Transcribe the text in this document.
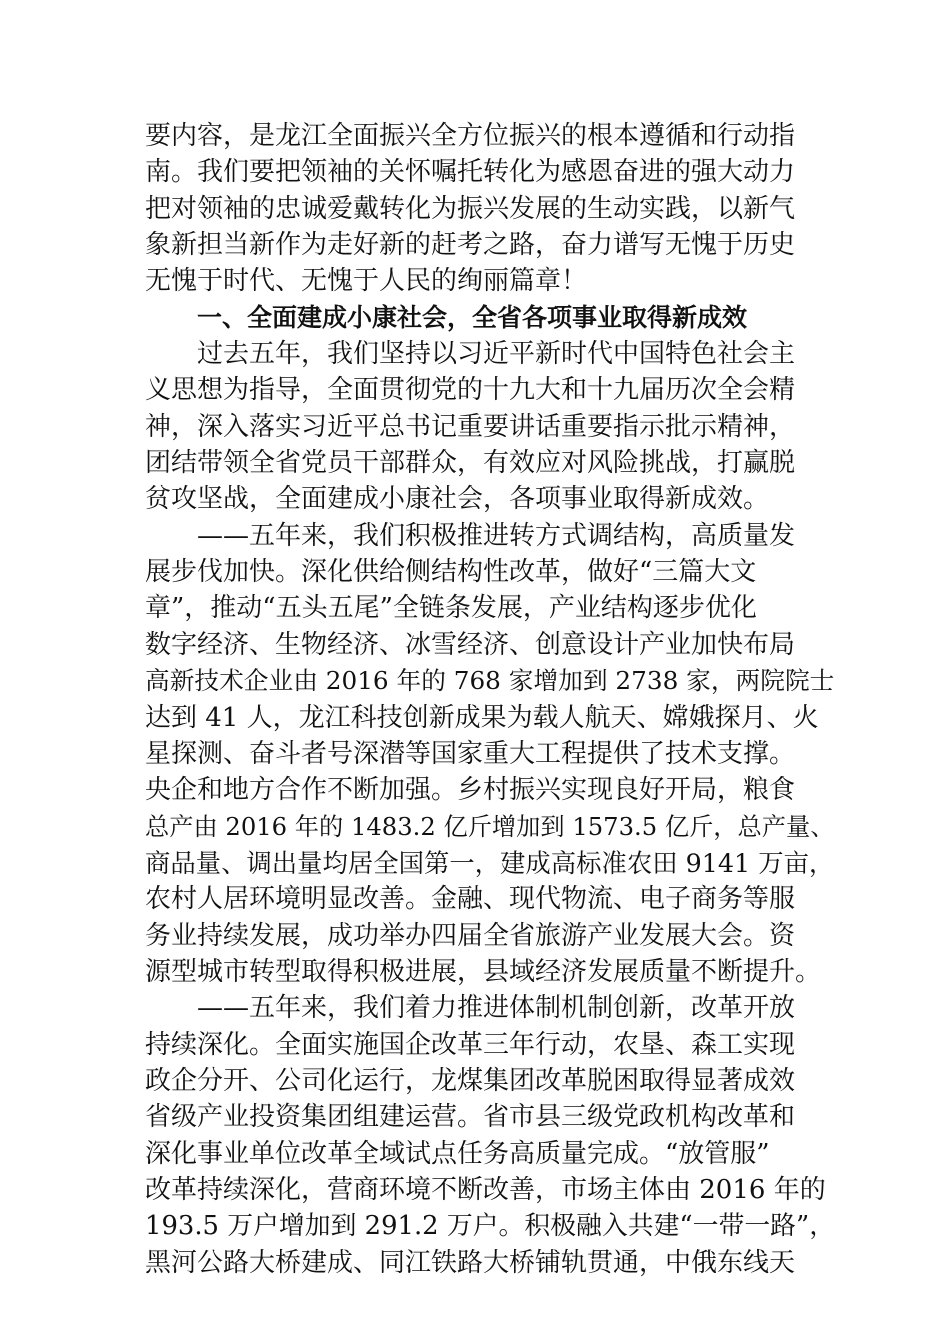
要内容，是龙江全面振兴全方位振兴的根本遵循和行动指
南。我们要把领袖的关怀嘱托转化为感恩奋进的强大动力
把对领袖的忠诚爱戴转化为振兴发展的生动实践，以新气
象新担当新作为走好新的赶考之路，奋力谱写无愧于历史
无愧于时代、无愧于人民的绚丽篇章！
一、全面建成小康社会，全省各项事业取得新成效
过去五年，我们坚持以习近平新时代中国特色社会主
义思想为指导，全面贯彻党的十九大和十九届历次全会精
神，深入落实习近平总书记重要讲话重要指示批示精神，
团结带领全省党员干部群众，有效应对风险挑战，打赢脱
贫攻坚战，全面建成小康社会，各项事业取得新成效。
——五年来，我们积极推进转方式调结构，高质量发
展步伐加快。深化供给侧结构性改革，做好“三篇大文
章”，推动“五头五尾”全链条发展，产业结构逐步优化
数字经济、生物经济、冰雪经济、创意设计产业加快布局
高新技术企业由 2016 年的 768 家增加到 2738 家，两院院士
达到 41 人，龙江科技创新成果为载人航天、嫦娥探月、火
星探测、奋斗者号深潜等国家重大工程提供了技术支撑。
央企和地方合作不断加强。乡村振兴实现良好开局，粮食
总产由 2016 年的 1483.2 亿斤增加到 1573.5 亿斤，总产量、
商品量、调出量均居全国第一，建成高标准农田 9141 万亩，
农村人居环境明显改善。金融、现代物流、电子商务等服
务业持续发展，成功举办四届全省旅游产业发展大会。资
源型城市转型取得积极进展，县域经济发展质量不断提升。
——五年来，我们着力推进体制机制创新，改革开放
持续深化。全面实施国企改革三年行动，农垦、森工实现
政企分开、公司化运行，龙煤集团改革脱困取得显著成效
省级产业投资集团组建运营。省市县三级党政机构改革和
深化事业单位改革全域试点任务高质量完成。“放管服”
改革持续深化，营商环境不断改善，市场主体由 2016 年的
193.5 万户增加到 291.2 万户。积极融入共建“一带一路”，
黑河公路大桥建成、同江铁路大桥铺轨贯通，中俄东线天
